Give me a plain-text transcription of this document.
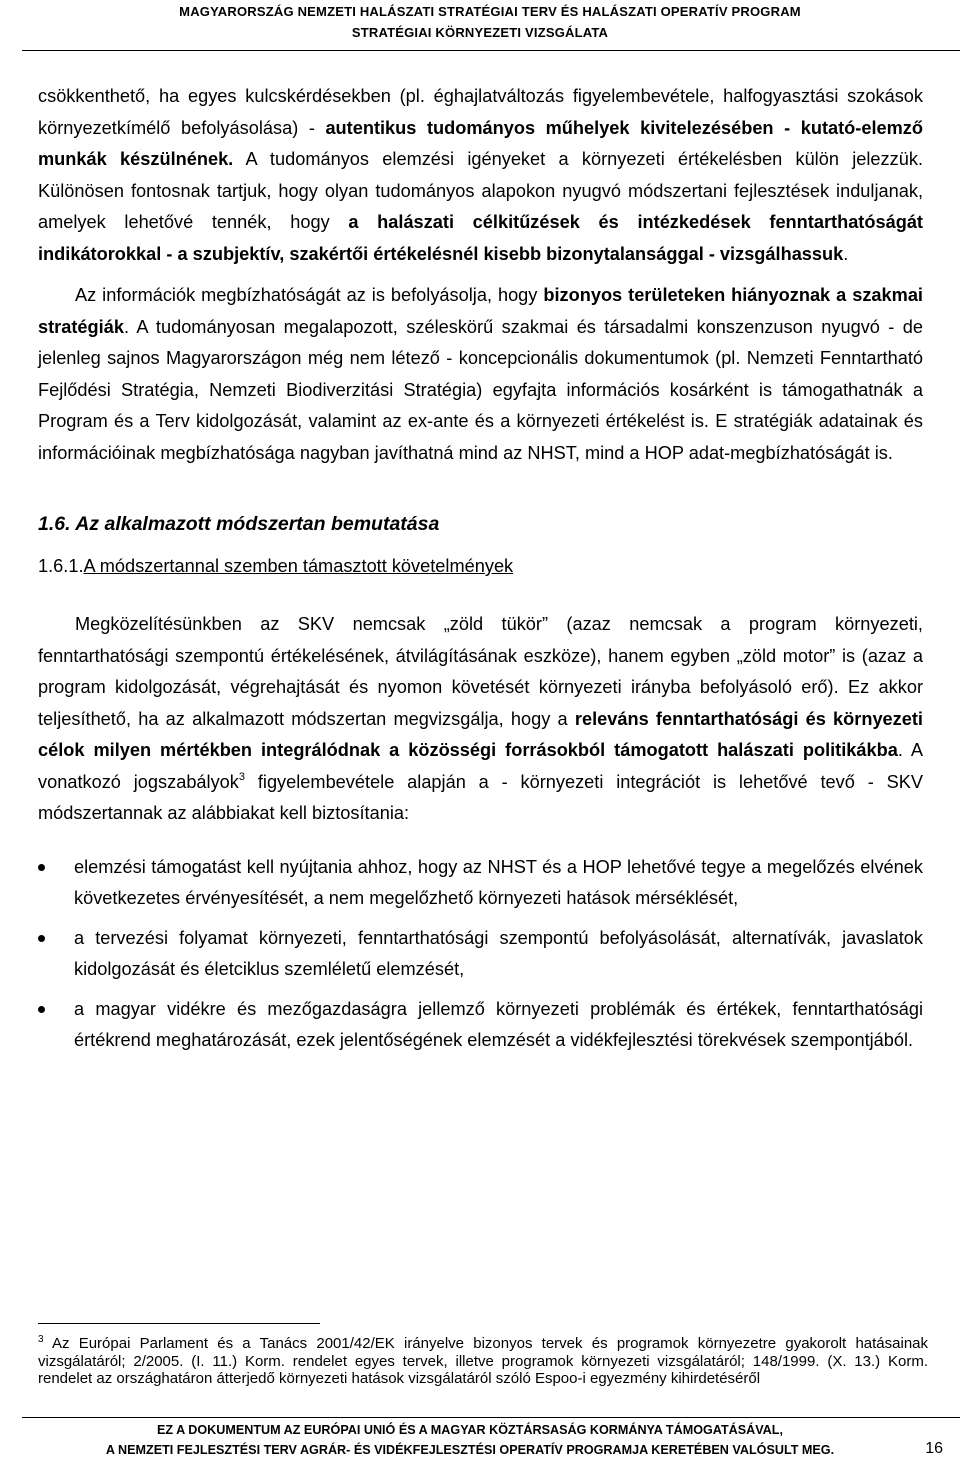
MAGYARORSZÁG NEMZETI HALÁSZATI STRATÉGIAI TERV ÉS HALÁSZATI OPERATÍV PROGRAM
STRATÉGIAI KÖRNYEZETI VIZSGÁLATA

csökkenthető, ha egyes kulcskérdésekben (pl. éghajlatváltozás figyelembevétele, halfogyasztási szokások környezetkímélő befolyásolása) - autentikus tudományos műhelyek kivitelezésében - kutató-elemző munkák készülnének. A tudományos elemzési igényeket a környezeti értékelésben külön jelezzük. Különösen fontosnak tartjuk, hogy olyan tudományos alapokon nyugvó módszertani fejlesztések induljanak, amelyek lehetővé tennék, hogy a halászati célkitűzések és intézkedések fenntarthatóságát indikátorokkal - a szubjektív, szakértői értékelésnél kisebb bizonytalansággal - vizsgálhassuk.

Az információk megbízhatóságát az is befolyásolja, hogy bizonyos területeken hiányoznak a szakmai stratégiák. A tudományosan megalapozott, széleskörű szakmai és társadalmi konszenzuson nyugvó - de jelenleg sajnos Magyarországon még nem létező - koncepcionális dokumentumok (pl. Nemzeti Fenntartható Fejlődési Stratégia, Nemzeti Biodiverzitási Stratégia) egyfajta információs kosárként is támogathatnák a Program és a Terv kidolgozását, valamint az ex-ante és a környezeti értékelést is. E stratégiák adatainak és információinak megbízhatósága nagyban javíthatná mind az NHST, mind a HOP adat-megbízhatóságát is.

1.6. Az alkalmazott módszertan bemutatása
1.6.1.A módszertannal szemben támasztott követelmények

Megközelítésünkben az SKV nemcsak „zöld tükör” (azaz nemcsak a program környezeti, fenntarthatósági szempontú értékelésének, átvilágításának eszköze), hanem egyben „zöld motor” is (azaz a program kidolgozását, végrehajtását és nyomon követését környezeti irányba befolyásoló erő). Ez akkor teljesíthető, ha az alkalmazott módszertan megvizsgálja, hogy a releváns fenntarthatósági és környezeti célok milyen mértékben integrálódnak a közösségi forrásokból támogatott halászati politikákba. A vonatkozó jogszabályok$^3$ figyelembevétele alapján a - környezeti integrációt is lehetővé tevő - SKV módszertannak az alábbiakat kell biztosítania:

elemzési támogatást kell nyújtania ahhoz, hogy az NHST és a HOP lehetővé tegye a megelőzés elvének következetes érvényesítését, a nem megelőzhető környezeti hatások mérséklését,
a tervezési folyamat környezeti, fenntarthatósági szempontú befolyásolását, alternatívák, javaslatok kidolgozását és életciklus szemléletű elemzését,
a magyar vidékre és mezőgazdaságra jellemző környezeti problémák és értékek, fenntarthatósági értékrend meghatározását, ezek jelentőségének elemzését a vidékfejlesztési törekvések szempontjából.
$^3$ Az Európai Parlament és a Tanács 2001/42/EK irányelve bizonyos tervek és programok környezetre gyakorolt hatásainak vizsgálatáról; 2/2005. (I. 11.) Korm. rendelet egyes tervek, illetve programok környezeti vizsgálatáról; 148/1999. (X. 13.) Korm. rendelet az országhatáron átterjedő környezeti hatások vizsgálatáról szóló Espoo-i egyezmény kihirdetéséről
EZ A DOKUMENTUM AZ EURÓPAI UNIÓ ÉS A MAGYAR KÖZTÁRSASÁG KORMÁNYA TÁMOGATÁSÁVAL,
A NEMZETI FEJLESZTÉSI TERV AGRÁR- ÉS VIDÉKFEJLESZTÉSI OPERATÍV PROGRAMJA KERETÉBEN VALÓSULT MEG.	16
